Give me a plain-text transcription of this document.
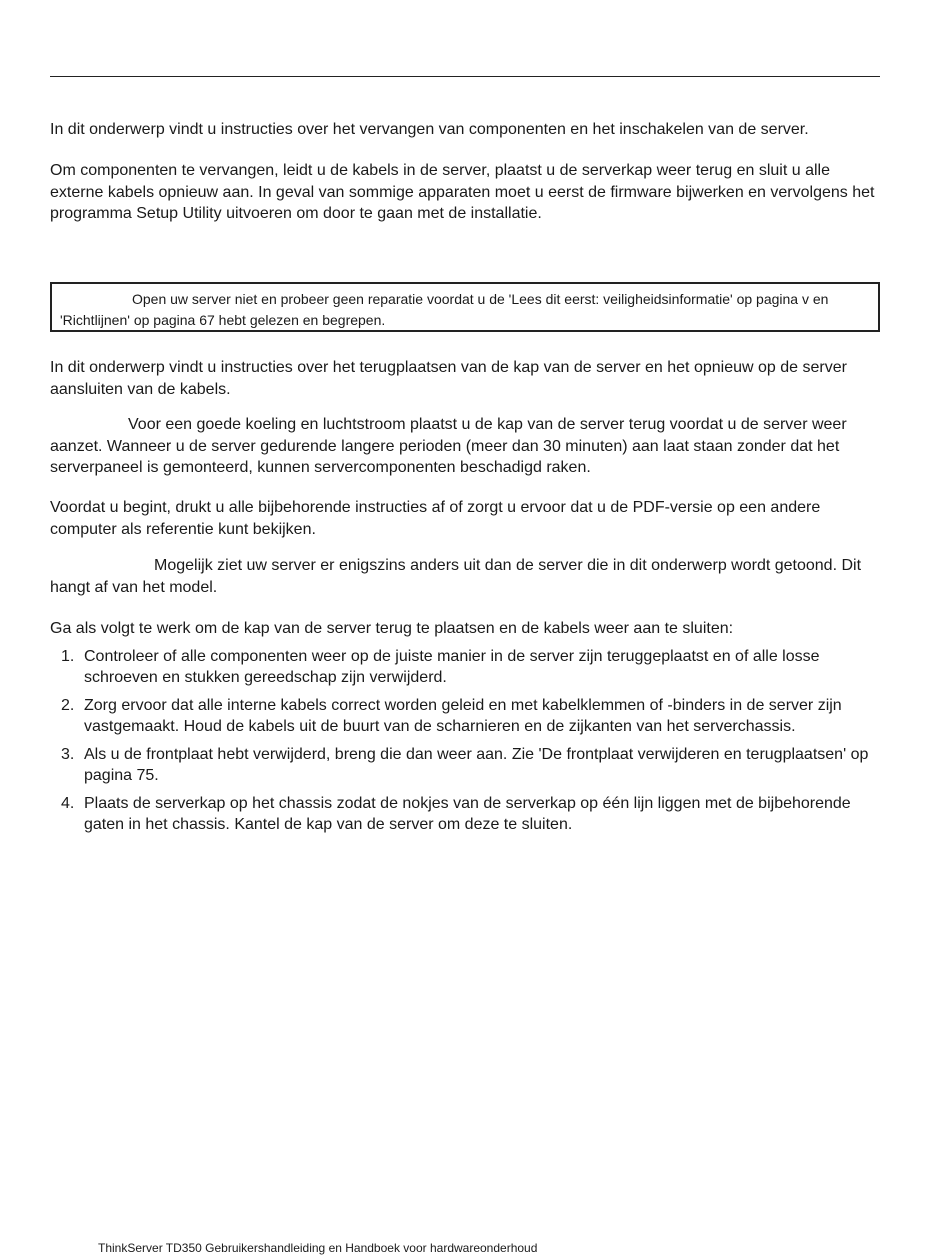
In dit onderwerp vindt u instructies over het vervangen van componenten en het inschakelen van de server.

Om componenten te vervangen, leidt u de kabels in de server, plaatst u de serverkap weer terug en sluit u alle externe kabels opnieuw aan. In geval van sommige apparaten moet u eerst de firmware bijwerken en vervolgens het programma Setup Utility uitvoeren om door te gaan met de installatie.

Open uw server niet en probeer geen reparatie voordat u de 'Lees dit eerst: veiligheidsinformatie' op pagina v en 'Richtlijnen' op pagina 67 hebt gelezen en begrepen.

In dit onderwerp vindt u instructies over het terugplaatsen van de kap van de server en het opnieuw op de server aansluiten van de kabels.

Voor een goede koeling en luchtstroom plaatst u de kap van de server terug voordat u de server weer aanzet. Wanneer u de server gedurende langere perioden (meer dan 30 minuten) aan laat staan zonder dat het serverpaneel is gemonteerd, kunnen servercomponenten beschadigd raken.

Voordat u begint, drukt u alle bijbehorende instructies af of zorgt u ervoor dat u de PDF-versie op een andere computer als referentie kunt bekijken.

Mogelijk ziet uw server er enigszins anders uit dan de server die in dit onderwerp wordt getoond. Dit hangt af van het model.

Ga als volgt te werk om de kap van de server terug te plaatsen en de kabels weer aan te sluiten:

1. Controleer of alle componenten weer op de juiste manier in de server zijn teruggeplaatst en of alle losse schroeven en stukken gereedschap zijn verwijderd.
2. Zorg ervoor dat alle interne kabels correct worden geleid en met kabelklemmen of -binders in de server zijn vastgemaakt. Houd de kabels uit de buurt van de scharnieren en de zijkanten van het serverchassis.
3. Als u de frontplaat hebt verwijderd, breng die dan weer aan. Zie 'De frontplaat verwijderen en terugplaatsen' op pagina 75.
4. Plaats de serverkap op het chassis zodat de nokjes van de serverkap op één lijn liggen met de bijbehorende gaten in het chassis. Kantel de kap van de server om deze te sluiten.
ThinkServer TD350 Gebruikershandleiding en Handboek voor hardwareonderhoud
